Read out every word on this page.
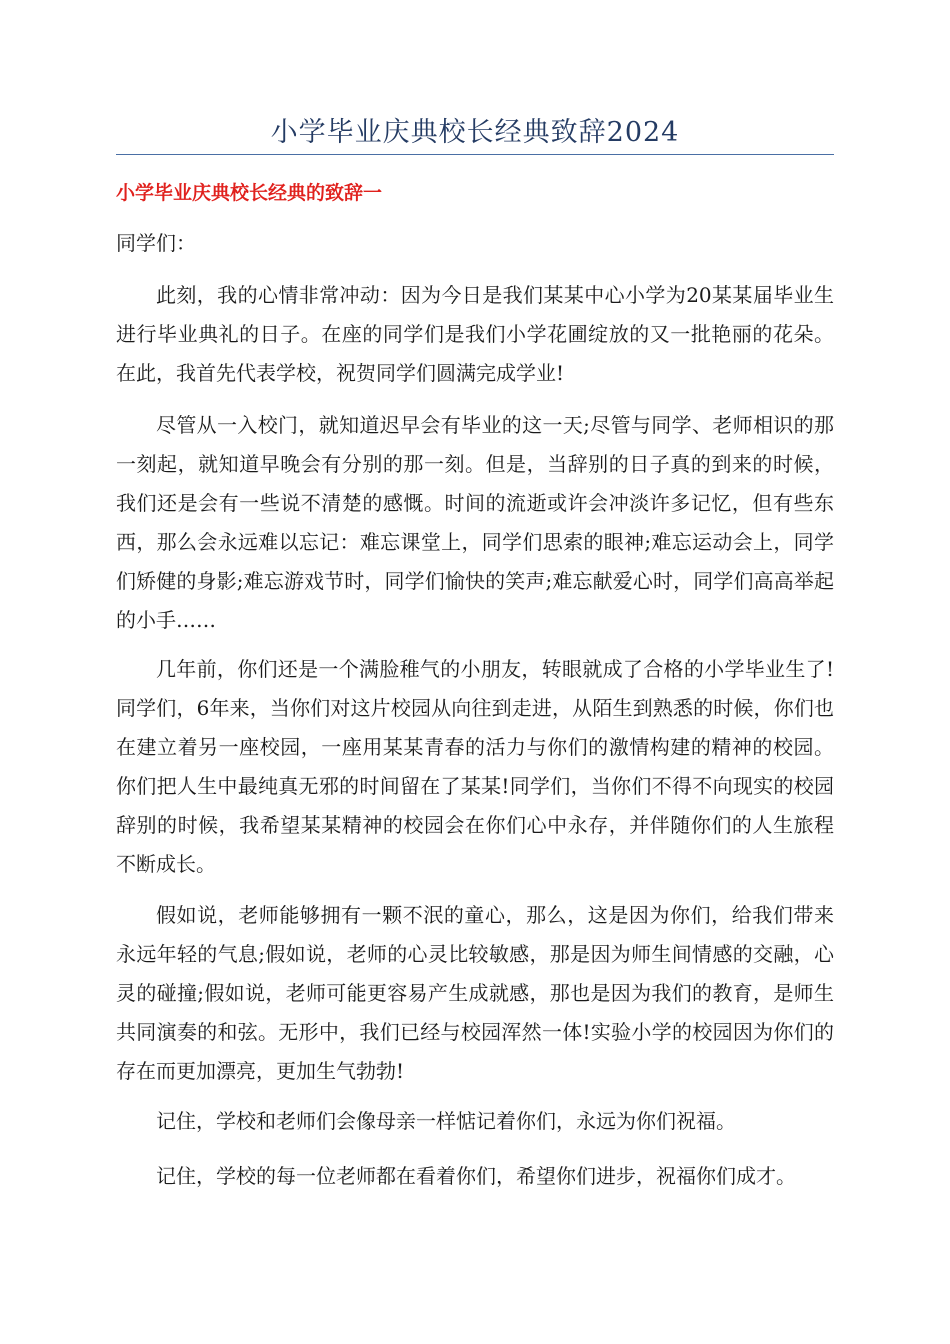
小学毕业庆典校长经典致辞2024
小学毕业庆典校长经典的致辞一
同学们：

此刻，我的心情非常冲动：因为今日是我们某某中心小学为20某某届毕业生进行毕业典礼的日子。在座的同学们是我们小学花圃绽放的又一批艳丽的花朵。在此，我首先代表学校，祝贺同学们圆满完成学业!

尽管从一入校门，就知道迟早会有毕业的这一天;尽管与同学、老师相识的那一刻起，就知道早晚会有分别的那一刻。但是，当辞别的日子真的到来的时候，我们还是会有一些说不清楚的感慨。时间的流逝或许会冲淡许多记忆，但有些东西，那么会永远难以忘记：难忘课堂上，同学们思索的眼神;难忘运动会上，同学们矫健的身影;难忘游戏节时，同学们愉快的笑声;难忘献爱心时，同学们高高举起的小手……

几年前，你们还是一个满脸稚气的小朋友，转眼就成了合格的小学毕业生了!同学们，6年来，当你们对这片校园从向往到走进，从陌生到熟悉的时候，你们也在建立着另一座校园，一座用某某青春的活力与你们的激情构建的精神的校园。你们把人生中最纯真无邪的时间留在了某某!同学们，当你们不得不向现实的校园辞别的时候，我希望某某精神的校园会在你们心中永存，并伴随你们的人生旅程不断成长。

假如说，老师能够拥有一颗不泯的童心，那么，这是因为你们，给我们带来永远年轻的气息;假如说，老师的心灵比较敏感，那是因为师生间情感的交融，心灵的碰撞;假如说，老师可能更容易产生成就感，那也是因为我们的教育，是师生共同演奏的和弦。无形中，我们已经与校园浑然一体!实验小学的校园因为你们的存在而更加漂亮，更加生气勃勃!

记住，学校和老师们会像母亲一样惦记着你们，永远为你们祝福。

记住，学校的每一位老师都在看着你们，希望你们进步，祝福你们成才。
